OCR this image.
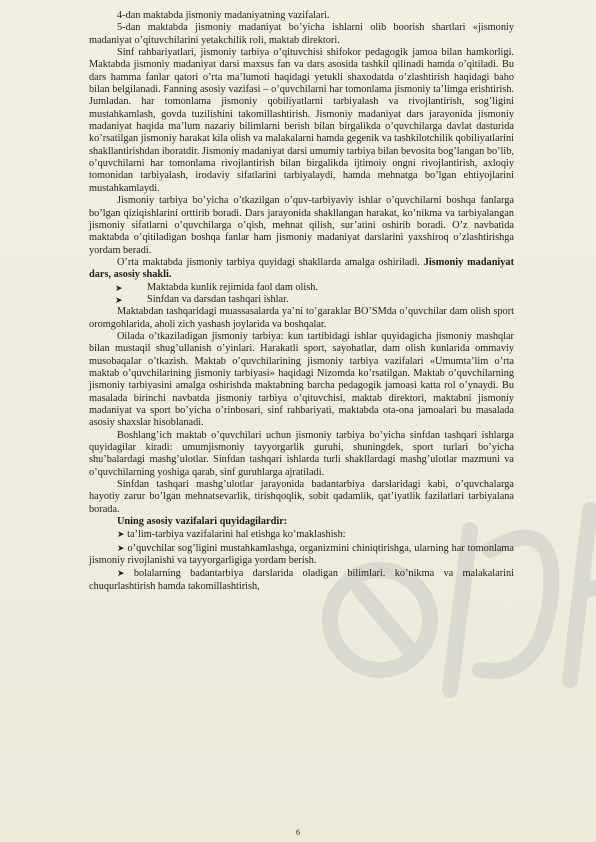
4-dan maktabda jismoniy madaniyatning vazifalari.

5-dan maktabda jismoniy madaniyat bo’yicha ishlarni olib boorish shartlari «jismoniy madaniyat o’qituvchilarini yetakchilik roli, maktab direktori.

Sinf rahbariyatlari, jismoniy tarbiya o’qituvchisi shifokor pedagogik jamoa bilan hamkorligi. Maktabda jismoniy madaniyat darsi maxsus fan va dars asosida tashkil qilinadi hamda o’qitiladi. Bu dars hamma fanlar qatori o’rta ma’lumoti haqidagi yetukli shaxodatda o’zlashtirish haqidagi baho bilan belgilanadi. Fanning asosiy vazifasi – o’quvchilarni har tomonlama jismoniy ta’limga erishtirish. Jumladan. har tomonlama jismoniy qobiliyatlarni tarbiyalash va rivojlantirish, sog’ligini mustahkamlash, govda tuzilishini takomillashtirish. Jismoniy madaniyat dars jarayonida jismoniy madaniyat haqida ma’lum nazariy bilimlarni berish bilan birgalikda o’quvchilarga davlat dasturida ko’rsatilgan jismoniy harakat kila olish va malakalarni hamda gegenik va tashkilotchilik qobiliyatlarini shakllantirishdan iboratdir. Jismoniy madaniyat darsi umumiy tarbiya bilan bevosita bog’langan bo’lib, o’quvchilarni har tomonlama rivojlantirish bilan birgalikda ijtimoiy ongni rivojlantirish, axloqiy tomonidan tarbiyalash, irodaviy sifatlarini tarbiyalaydi, hamda mehnatga bo’lgan ehtiyojlarini mustahkamlaydi.

Jismoniy tarbiya bo’yicha o’tkazilgan o’quv-tarbiyaviy ishlar o’quvchilarni boshqa fanlarga bo’lgan qiziqishlarini orttirib boradi. Dars jarayonida shakllangan harakat, ko’nikma va tarbiyalangan jismoniy sifatlarni o’quvchilarga o’qish, mehnat qilish, sur’atini oshirib boradi. O’z navbatida maktabda o’qitiladigan boshqa fanlar ham jismoniy madaniyat darslarini yaxshiroq o’zlashtirishga yordam beradi.

O’rta maktabda jismoniy tarbiya quyidagi shakllarda amalga oshiriladi. Jismoniy madaniyat dars, asosiy shakli.

➤	Maktabda kunlik rejimida faol dam olish.
➤	Sinfdan va darsdan tashqari ishlar.

Maktabdan tashqaridagi muassasalarda ya’ni to’garaklar BO’SMda o’quvchilar dam olish sport oromgohlarida, aholi zich yashash joylarida va boshqalar.

Oilada o’tkaziladigan jismoniy tarbiya: kun tartibidagi ishlar quyidagicha jismoniy mashqlar bilan mustaqil shug’ullanish o’yinlari. Harakatli sport, sayohatlar, dam olish kunlarida ommaviy musobaqalar o’tkazish. Maktab o’quvchilarining jismoniy tarbiya vazifalari «Umumta’lim o’rta maktab o’quvchilarining jismoniy tarbiyasi» haqidagi Nizomda ko’rsatilgan. Maktab o’quvchilarning jismoniy tarbiyasini amalga oshirishda maktabning barcha pedagogik jamoasi katta rol o’ynaydi. Bu masalada birinchi navbatda jismoniy tarbiya o’qituvchisi, maktab direktori, maktabni jismoniy madaniyat va sport bo’yicha o’rinbosari, sinf rahbariyati, maktabda ota-ona jamoalari bu masalada asosiy shaxslar hisoblanadi.

Boshlang’ich maktab o’quvchilari uchun jismoniy tarbiya bo’yicha sinfdan tashqari ishlarga quyidagilar kiradi: umumjismoniy tayyorgarlik guruhi, shuningdek, sport turlari bo’yicha shu’balardagi mashg’ulotlar. Sinfdan tashqari ishlarda turli shakllardagi mashg’ulotlar mazmuni va o’quvchilarning yoshiga qarab, sinf guruhlarga ajratiladi.

Sinfdan tashqari mashg’ulotlar jarayonida badantarbiya darslaridagi kabi, o’quvchalarga hayotiy zarur bo’lgan mehnatsevarlik, tirishqoqlik, sobit qadamlik, qat’iyatlik fazilatlari tarbiyalana borada.

Uning asosiy vazifalari quyidagilardir:

➤ ta’lim-tarbiya vazifalarini hal etishga ko’maklashish:

➤ o’quvchilar sog’ligini mustahkamlashga, organizmini chiniqtirishga, ularning har tomonlama jismoniy rivojlanishi va tayyorgarligiga yordam berish.

➤ bolalarning badantarbiya darslarida oladigan bilimlari. ko’nikma va malakalarini chuqurlashtirish hamda takomillashtirish,

6
